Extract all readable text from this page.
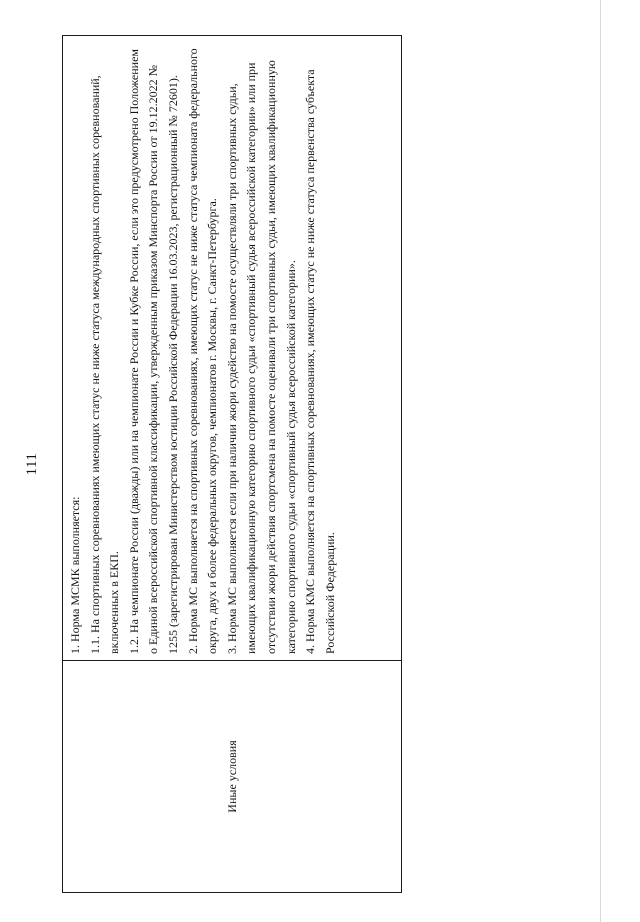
111
Иные условия

1. Норма МСМК выполняется: 1.1. На спортивных соревнованиях имеющих статус не ниже статуса международных спортивных соревнований, включенных в ЕКП. 1.2. На чемпионате России (дважды) или на чемпионате России и Кубке России, если это предусмотрено Положением о Единой всероссийской спортивной классификации, утвержденным приказом Минспорта России от 19.12.2022 № 1255 (зарегистрирован Министерством юстиции Российской Федерации 16.03.2023, регистрационный № 72601). 2. Норма МС выполняется на спортивных соревнованиях, имеющих статус не ниже статуса чемпионата федерального округа, двух и более федеральных округов, чемпионатов г. Москвы, г. Санкт-Петербурга. 3. Норма МС выполняется если при наличии жюри судейство на помосте осуществляли три спортивных судьи, имеющих квалификационную категорию спортивного судьи «спортивный судья всероссийской категории» или при отсутствии жюри действия спортсмена на помосте оценивали три спортивных судьи, имеющих квалификационную категорию спортивного судьи «спортивный судья всероссийской категории». 4. Норма КМС выполняется на спортивных соревнованиях, имеющих статус не ниже статуса первенства субъекта Российской Федерации.
